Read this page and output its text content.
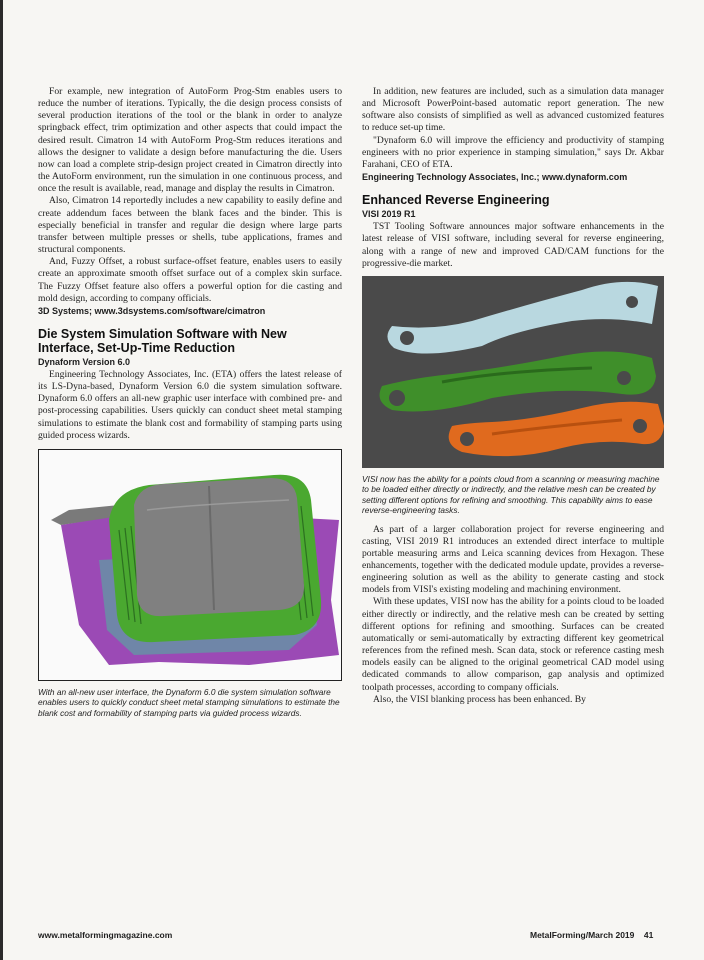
For example, new integration of AutoForm Prog-Stm enables users to reduce the number of iterations. Typically, the die design process consists of several production iterations of the tool or the blank in order to analyze springback effect, trim optimization and other aspects that could impact the desired result. Cimatron 14 with AutoForm Prog-Stm reduces iterations and allows the designer to validate a design before manufacturing the die. Users now can load a complete strip-design project created in Cimatron directly into the AutoForm environment, run the simulation in one continuous process, and once the result is available, read, manage and display the results in Cimatron.

Also, Cimatron 14 reportedly includes a new capability to easily define and create addendum faces between the blank faces and the binder. This is especially beneficial in transfer and regular die design where large parts transfer between multiple presses or shells, tube applications, frames and structural components.

And, Fuzzy Offset, a robust surface-offset feature, enables users to easily create an approximate smooth offset surface out of a complex skin surface. The Fuzzy Offset feature also offers a powerful option for die casting and mold design, according to company officials.

3D Systems; www.3dsystems.com/software/cimatron

Die System Simulation Software with New Interface, Set-Up-Time Reduction
Dynaform Version 6.0

Engineering Technology Associates, Inc. (ETA) offers the latest release of its LS-Dyna-based, Dynaform Version 6.0 die system simulation software. Dynaform 6.0 offers an all-new graphic user interface with combined pre- and post-processing capabilities. Users quickly can conduct sheet metal stamping simulations to estimate the blank cost and formability of stamping parts using guided process wizards.

With an all-new user interface, the Dynaform 6.0 die system simulation software enables users to quickly conduct sheet metal stamping simulations to estimate the blank cost and formability of stamping parts via guided process wizards.

In addition, new features are included, such as a simulation data manager and Microsoft PowerPoint-based automatic report generation. The new software also consists of simplified as well as advanced customized features to reduce set-up time.

"Dynaform 6.0 will improve the efficiency and productivity of stamping engineers with no prior experience in stamping simulation," says Dr. Akbar Farahani, CEO of ETA.

Engineering Technology Associates, Inc.; www.dynaform.com

Enhanced Reverse Engineering
VISI 2019 R1

TST Tooling Software announces major software enhancements in the latest release of VISI software, including several for reverse engineering, along with a range of new and improved CAD/CAM functions for the progressive-die market.

VISI now has the ability for a points cloud from a scanning or measuring machine to be loaded either directly or indirectly, and the relative mesh can be created by setting different options for refining and smoothing. This capability aims to ease reverse-engineering tasks.

As part of a larger collaboration project for reverse engineering and casting, VISI 2019 R1 introduces an extended direct interface to multiple portable measuring arms and Leica scanning devices from Hexagon. These enhancements, together with the dedicated module update, provides a reverse-engineering solution as well as the ability to generate casting and stock models from VISI's existing modeling and machining environment.

With these updates, VISI now has the ability for a points cloud to be loaded either directly or indirectly, and the relative mesh can be created by setting different options for refining and smoothing. Surfaces can be created automatically or semi-automatically by extracting different key geometrical references from the refined mesh. Scan data, stock or reference casting mesh models easily can be aligned to the original geometrical CAD model using dedicated commands to allow comparison, gap analysis and optimized toolpath processes, according to company officials.

Also, the VISI blanking process has been enhanced. By

www.metalformingmagazine.com	MetalForming/March 2019    41
